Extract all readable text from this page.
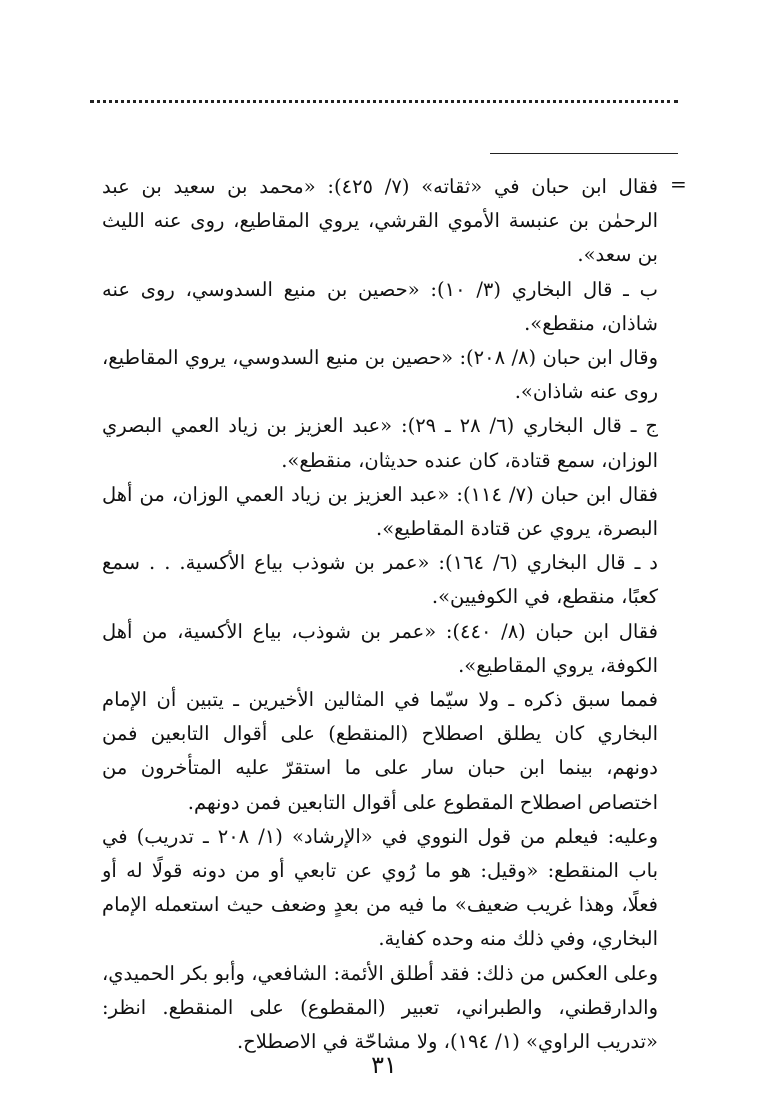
=

فقال ابن حبان في «ثقاته» (٧/ ٤٢٥): «محمد بن سعيد بن عبد الرحمٰن بن عنبسة الأموي القرشي، يروي المقاطيع، روى عنه الليث بن سعد».

ب ـ قال البخاري (٣/ ١٠): «حصين بن منيع السدوسي، روى عنه شاذان، منقطع».

وقال ابن حبان (٨/ ٢٠٨): «حصين بن منيع السدوسي، يروي المقاطيع، روى عنه شاذان».

ج ـ قال البخاري (٦/ ٢٨ ـ ٢٩): «عبد العزيز بن زياد العمي البصري الوزان، سمع قتادة، كان عنده حديثان، منقطع».

فقال ابن حبان (٧/ ١١٤): «عبد العزيز بن زياد العمي الوزان، من أهل البصرة، يروي عن قتادة المقاطيع».

د ـ قال البخاري (٦/ ١٦٤): «عمر بن شوذب بياع الأكسية. . . سمع كعبًا، منقطع، في الكوفيين».

فقال ابن حبان (٨/ ٤٤٠): «عمر بن شوذب، بياع الأكسية، من أهل الكوفة، يروي المقاطيع».

فمما سبق ذكره ـ ولا سيّما في المثالين الأخيرين ـ يتبين أن الإمام البخاري كان يطلق اصطلاح (المنقطع) على أقوال التابعين فمن دونهم، بينما ابن حبان سار على ما استقرّ عليه المتأخرون من اختصاص اصطلاح المقطوع على أقوال التابعين فمن دونهم.

وعليه: فيعلم من قول النووي في «الإرشاد» (١/ ٢٠٨ ـ تدريب) في باب المنقطع: «وقيل: هو ما رُوي عن تابعي أو من دونه قولًا له أو فعلًا، وهذا غريب ضعيف» ما فيه من بعدٍ وضعف حيث استعمله الإمام البخاري، وفي ذلك منه وحده كفاية.

وعلى العكس من ذلك: فقد أطلق الأئمة: الشافعي، وأبو بكر الحميدي، والدارقطني، والطبراني، تعبير (المقطوع) على المنقطع. انظر: «تدريب الراوي» (١/ ١٩٤)، ولا مشاحّة في الاصطلاح.

٣١
